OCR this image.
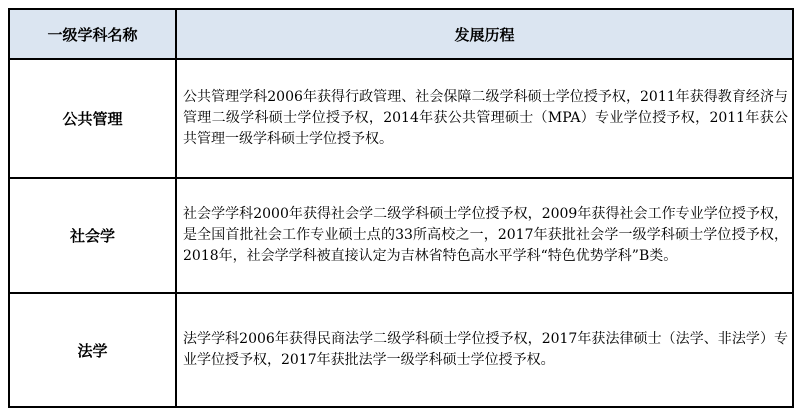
一级学科名称	发展历程
公共管理	公共管理学科2006年获得行政管理、社会保障二级学科硕士学位授予权，2011年获得教育经济与管理二级学科硕士学位授予权，2014年获公共管理硕士（MPA）专业学位授予权，2011年获公共管理一级学科硕士学位授予权。
社会学	社会学学科2000年获得社会学二级学科硕士学位授予权，2009年获得社会工作专业学位授予权，是全国首批社会工作专业硕士点的33所高校之一，2017年获批社会学一级学科硕士学位授予权，2018年，社会学学科被直接认定为吉林省特色高水平学科“特色优势学科”B类。
法学	法学学科2006年获得民商法学二级学科硕士学位授予权，2017年获法律硕士（法学、非法学）专业学位授予权，2017年获批法学一级学科硕士学位授予权。
